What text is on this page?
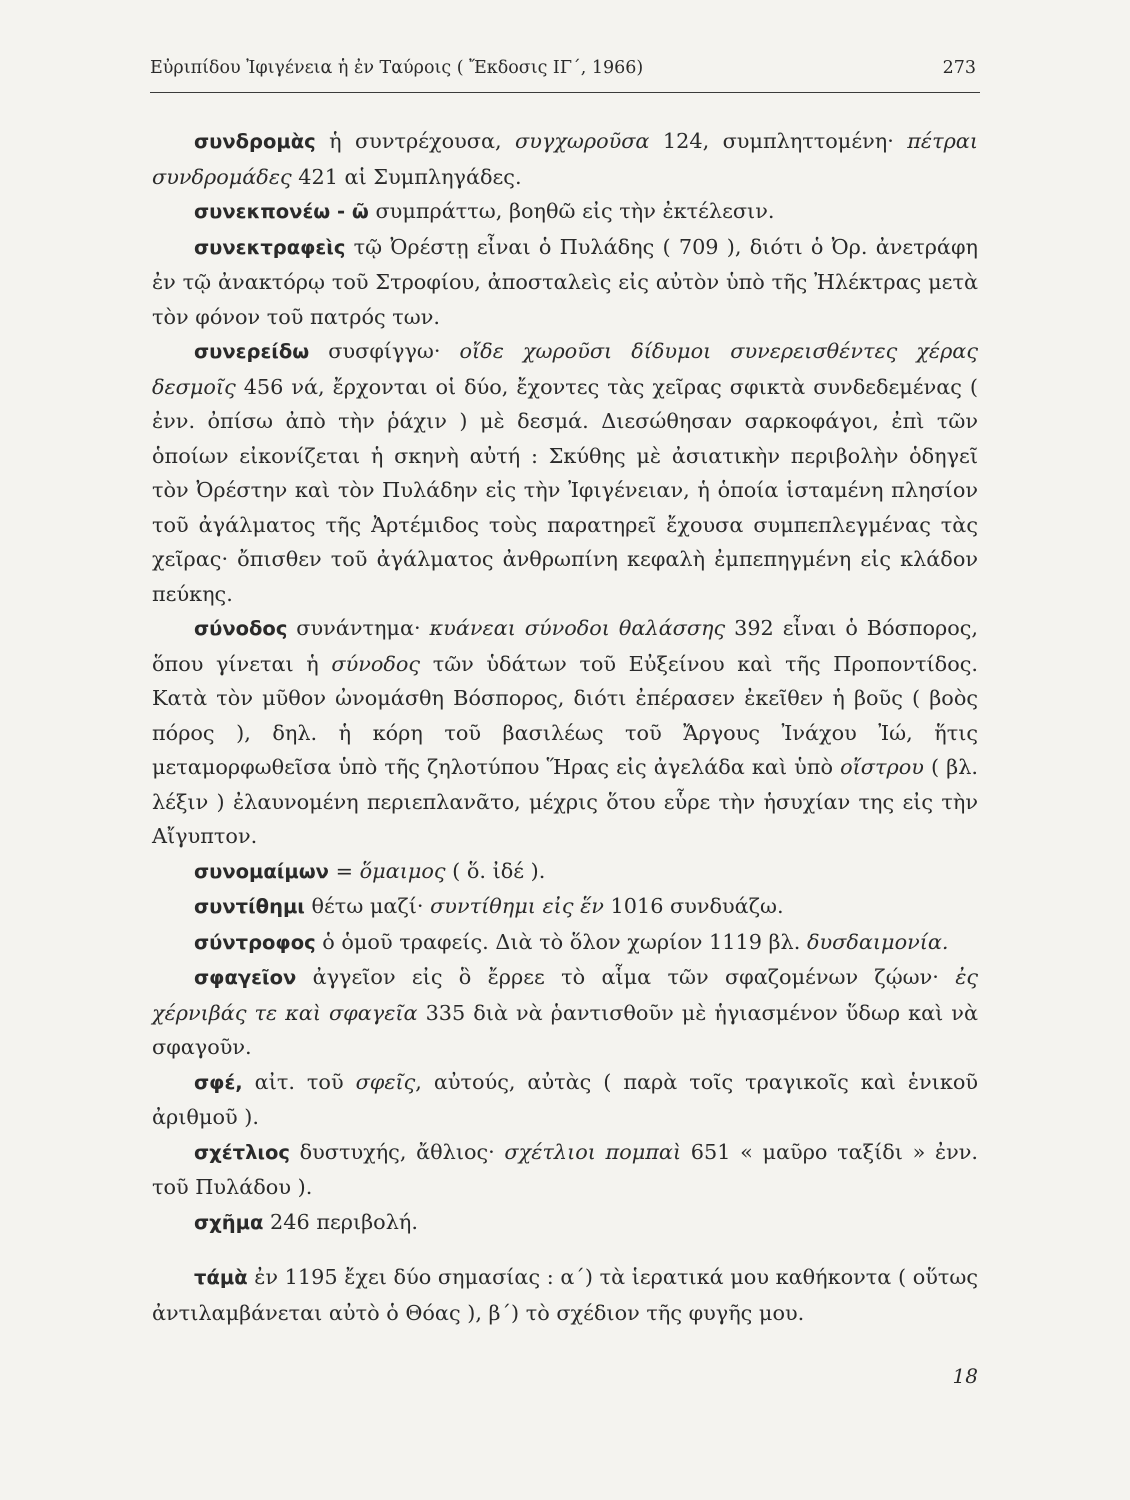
Εὐριπίδου Ἰφιγένεια ἡ ἐν Ταύροις ( Ἔκδοσις ΙΓ΄, 1966)	273

συνδρομὰς ἡ συντρέχουσα, συγχωροῦσα 124, συμπληττομένη· πέτραι συνδρομάδες 421 αἱ Συμπληγάδες.

συνεκπονέω - ῶ συμπράττω, βοηθῶ εἰς τὴν ἐκτέλεσιν.

συνεκτραφεὶς τῷ Ὀρέστῃ εἶναι ὁ Πυλάδης ( 709 ), διότι ὁ Ὀρ. ἀνετράφη ἐν τῷ ἀνακτόρῳ τοῦ Στροφίου, ἀποσταλεὶς εἰς αὐτὸν ὑπὸ τῆς Ἠλέκτρας μετὰ τὸν φόνον τοῦ πατρός των.

συνερείδω συσφίγγω· οἴδε χωροῦσι δίδυμοι συνερεισθέντες χέρας δεσμοῖς 456 νά, ἔρχονται οἱ δύο, ἔχοντες τὰς χεῖρας σφικτὰ συνδεδεμένας ( ἐνν. ὀπίσω ἀπὸ τὴν ῥάχιν ) μὲ δεσμά. Διεσώθησαν σαρκοφάγοι, ἐπὶ τῶν ὁποίων εἰκονίζεται ἡ σκηνὴ αὐτή : Σκύθης μὲ ἀσιατικὴν περιβολὴν ὁδηγεῖ τὸν Ὀρέστην καὶ τὸν Πυλάδην εἰς τὴν Ἰφιγένειαν, ἡ ὁποία ἱσταμένη πλησίον τοῦ ἀγάλματος τῆς Ἀρτέμιδος τοὺς παρατηρεῖ ἔχουσα συμπεπλεγμένας τὰς χεῖρας· ὄπισθεν τοῦ ἀγάλματος ἀνθρωπίνη κεφαλὴ ἐμπεπηγμένη εἰς κλάδον πεύκης.

σύνοδος συνάντημα· κυάνεαι σύνοδοι θαλάσσης 392 εἶναι ὁ Βόσπορος, ὅπου γίνεται ἡ σύνοδος τῶν ὑδάτων τοῦ Εὐξείνου καὶ τῆς Προποντίδος. Κατὰ τὸν μῦθον ὠνομάσθη Βόσπορος, διότι ἐπέρασεν ἐκεῖθεν ἡ βοῦς ( βοὸς πόρος ), δηλ. ἡ κόρη τοῦ βασιλέως τοῦ Ἄργους Ἰνάχου Ἰώ, ἥτις μεταμορφωθεῖσα ὑπὸ τῆς ζηλοτύπου Ἥρας εἰς ἀγελάδα καὶ ὑπὸ οἴστρου ( βλ. λέξιν ) ἐλαυνομένη περιεπλανᾶτο, μέχρις ὅτου εὗρε τὴν ἡσυχίαν της εἰς τὴν Αἴγυπτον.

συνομαίμων = ὅμαιμος ( ὅ. ἰδέ ).

συντίθημι θέτω μαζί· συντίθημι εἰς ἕν 1016 συνδυάζω.

σύντροφος ὁ ὁμοῦ τραφείς. Διὰ τὸ ὅλον χωρίον 1119 βλ. δυσδαιμονία.

σφαγεῖον ἀγγεῖον εἰς ὃ ἔρρεε τὸ αἷμα τῶν σφαζομένων ζῴων· ἐς χέρνιβάς τε καὶ σφαγεῖα 335 διὰ νὰ ῥαντισθοῦν μὲ ἡγιασμένον ὕδωρ καὶ νὰ σφαγοῦν.

σφέ, αἰτ. τοῦ σφεῖς, αὐτούς, αὐτὰς ( παρὰ τοῖς τραγικοῖς καὶ ἑνικοῦ ἀριθμοῦ ).

σχέτλιος δυστυχής, ἄθλιος· σχέτλιοι πομπαὶ 651 « μαῦρο ταξίδι » ἐνν. τοῦ Πυλάδου ).

σχῆμα 246 περιβολή.

τάμὰ ἐν 1195 ἔχει δύο σημασίας : α΄) τὰ ἱερατικά μου καθήκοντα ( οὕτως ἀντιλαμβάνεται αὐτὸ ὁ Θόας ), β΄) τὸ σχέδιον τῆς φυγῆς μου.

18
